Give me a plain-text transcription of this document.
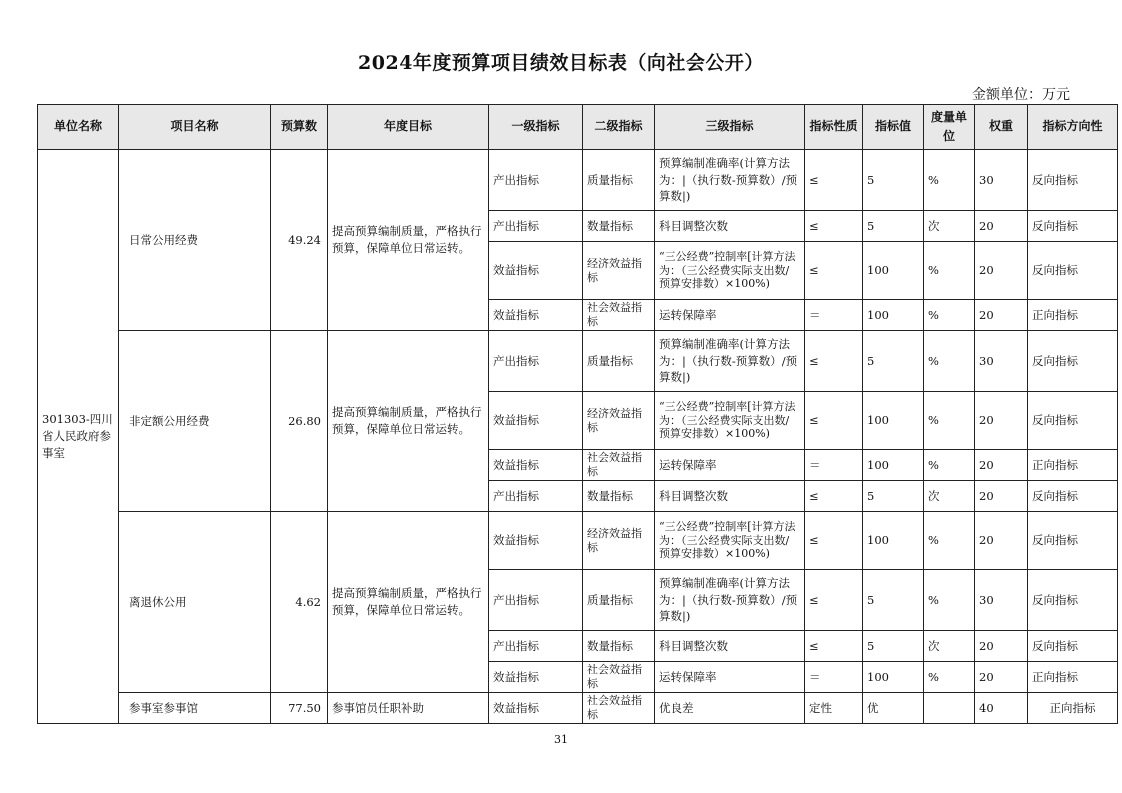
2024年度预算项目绩效目标表（向社会公开）
金额单位：万元
单位名称	项目名称	预算数	年度目标	一级指标	二级指标	三级指标	指标性质	指标值	度量单位	权重	指标方向性
301303-四川省人民政府参事室	日常公用经费	49.24	提高预算编制质量，严格执行预算，保障单位日常运转。	产出指标	质量指标	预算编制准确率(计算方法为：|（执行数-预算数）/预算数|)	≤	5	%	30	反向指标
				产出指标	数量指标	科目调整次数	≤	5	次	20	反向指标
				效益指标	经济效益指标	“三公经费”控制率[计算方法为：（三公经费实际支出数/预算安排数）×100%)	≤	100	%	20	反向指标
				效益指标	社会效益指标	运转保障率	＝	100	%	20	正向指标
	非定额公用经费	26.80	提高预算编制质量，严格执行预算，保障单位日常运转。	产出指标	质量指标	预算编制准确率(计算方法为：|（执行数-预算数）/预算数|)	≤	5	%	30	反向指标
				效益指标	经济效益指标	“三公经费”控制率[计算方法为：（三公经费实际支出数/预算安排数）×100%)	≤	100	%	20	反向指标
				效益指标	社会效益指标	运转保障率	＝	100	%	20	正向指标
				产出指标	数量指标	科目调整次数	≤	5	次	20	反向指标
	离退休公用	4.62	提高预算编制质量，严格执行预算，保障单位日常运转。	效益指标	经济效益指标	“三公经费”控制率[计算方法为：（三公经费实际支出数/预算安排数）×100%)	≤	100	%	20	反向指标
				产出指标	质量指标	预算编制准确率(计算方法为：|（执行数-预算数）/预算数|)	≤	5	%	30	反向指标
				产出指标	数量指标	科目调整次数	≤	5	次	20	反向指标
				效益指标	社会效益指标	运转保障率	＝	100	%	20	正向指标
	参事室参事馆	77.50	参事馆员任职补助	效益指标	社会效益指标	优良差	定性	优		40	正向指标
31
